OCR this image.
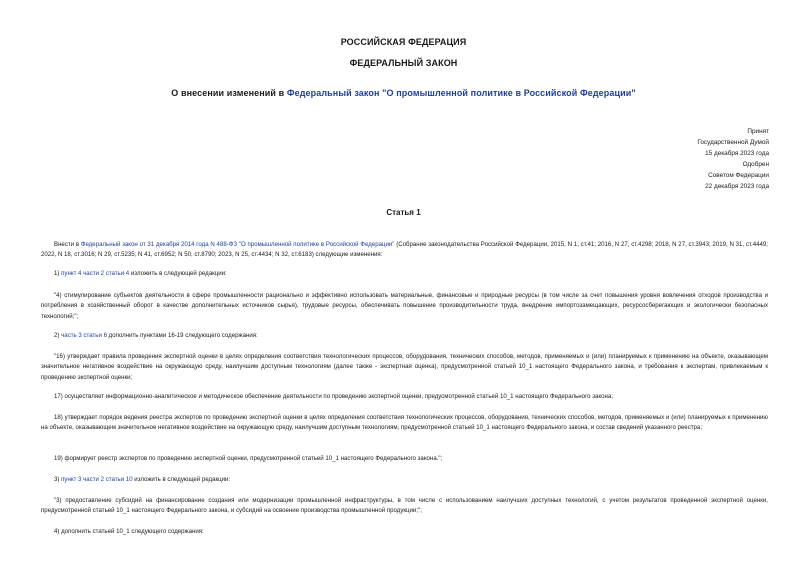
РОССИЙСКАЯ ФЕДЕРАЦИЯ
ФЕДЕРАЛЬНЫЙ ЗАКОН
О внесении изменений в Федеральный закон "О промышленной политике в Российской Федерации"
Принят
Государственной Думой
15 декабря 2023 года
Одобрен
Советом Федерации
22 декабря 2023 года
Статья 1
Внести в Федеральный закон от 31 декабря 2014 года N 488-ФЗ "О промышленной политике в Российской Федерации" (Собрание законодательства Российской Федерации, 2015, N 1, ст.41; 2016, N 27, ст.4298; 2018, N 27, ст.3943; 2019, N 31, ст.4449; 2022, N 18, ст.3016; N 29, ст.5235; N 41, ст.6952; N 50, ст.8790; 2023, N 25, ст.4434; N 32, ст.6183) следующие изменения:
1) пункт 4 части 2 статьи 4 изложить в следующей редакции:
"4) стимулирование субъектов деятельности в сфере промышленности рационально и эффективно использовать материальные, финансовые и природные ресурсы (в том числе за счет повышения уровня вовлечения отходов производства и потребления в хозяйственный оборот в качестве дополнительных источников сырья), трудовые ресурсы, обеспечивать повышение производительности труда, внедрение импортозамещающих, ресурсосберегающих и экологически безопасных технологий;";
2) часть 3 статьи 6 дополнить пунктами 16-19 следующего содержания:
"16) утверждает правила проведения экспертной оценки в целях определения соответствия технологических процессов, оборудования, технических способов, методов, применяемых и (или) планируемых к применению на объекте, оказывающем значительное негативное воздействие на окружающую среду, наилучшим доступным технологиям (далее также - экспертная оценка), предусмотренной статьей 10_1 настоящего Федерального закона, и требования к экспертам, привлекаемым к проведению экспертной оценки;
17) осуществляет информационно-аналитическое и методическое обеспечение деятельности по проведению экспертной оценки, предусмотренной статьей 10_1 настоящего Федерального закона;
18) утверждает порядок ведения реестра экспертов по проведению экспертной оценки в целях определения соответствия технологических процессов, оборудования, технических способов, методов, применяемых и (или) планируемых к применению на объекте, оказывающем значительное негативное воздействие на окружающую среду, наилучшим доступным технологиям, предусмотренной статьей 10_1 настоящего Федерального закона, и состав сведений указанного реестра;
19) формирует реестр экспертов по проведению экспертной оценки, предусмотренной статьей 10_1 настоящего Федерального закона.";
3) пункт 3 части 2 статьи 10 изложить в следующей редакции:
"3) предоставление субсидий на финансирование создания или модернизации промышленной инфраструктуры, в том числе с использованием наилучших доступных технологий, с учетом результатов проведенной экспертной оценки, предусмотренной статьей 10_1 настоящего Федерального закона, и субсидий на освоение производства промышленной продукции;";
4) дополнить статьей 10_1 следующего содержания:
